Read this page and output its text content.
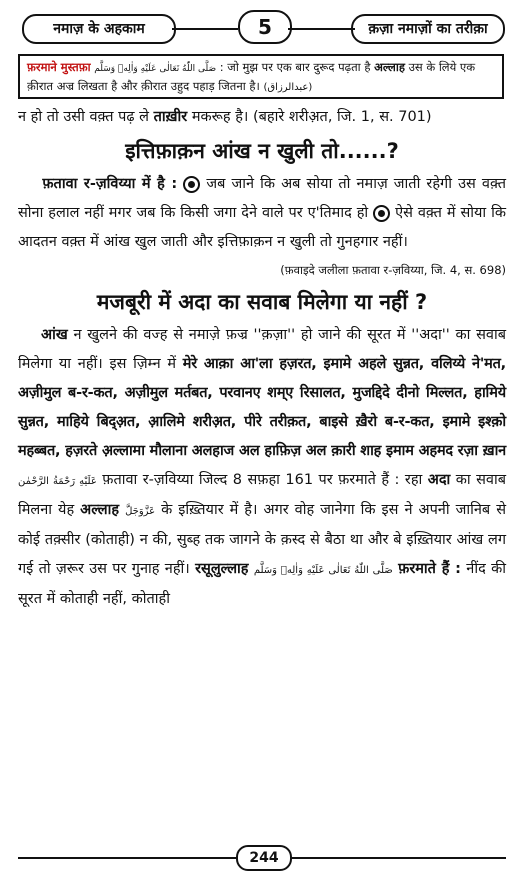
नमाज़ के अहकाम	5	क़ज़ा नमाज़ों का तरीक़ा
फ़रमाने मुस्तफ़ा صَلَّی اللّٰهُ تَعَالٰی عَلَيْهِ وَاٰلِهٖ وَسَلَّم : जो मुझ पर एक बार दुरूद पढ़ता है अल्लाह उस के लिये एक क़ीरात अज्र लिखता है और क़ीरात उहुद पहाड़ जितना है। (عبدالرزاق)

न हो तो उसी वक़्त पढ़ ले ताख़ीर मकरूह है। (बहारे शरीअ़त, जि. 1, स. 701)

इत्तिफ़ाक़न आंख न खुली तो......?

फ़तावा र-ज़विय्या में है : जब जाने कि अब सोया तो नमाज़ जाती रहेगी उस वक़्त सोना हलाल नहीं मगर जब कि किसी जगा देने वाले पर ए'तिमाद हो ऐसे वक़्त में सोया कि आदतन वक़्त में आंख खुल जाती और इत्तिफ़ाक़न न खुली तो गुनहगार नहीं।

(फ़वाइदे जलीला फ़तावा र-ज़विय्या, जि. 4, स. 698)

मजबूरी में अदा का सवाब मिलेगा या नहीं ?

आंख न खुलने की वज्ह से नमाज़े फ़ज्र ''क़ज़ा'' हो जाने की सूरत में ''अदा'' का सवाब मिलेगा या नहीं। इस ज़िम्न में मेरे आक़ा आ'ला हज़रत, इमामे अहले सुन्नत, वलिय्ये ने'मत, अज़ीमुल ब-र-कत, अज़ीमुल मर्तबत, परवानए शम्ए रिसालत, मुजद्दिदे दीनो मिल्लत, हामिये सुन्नत, माहिये बिद्अ़त, आ़लिमे शरीअ़त, पीरे तरीक़त, बाइसे ख़ैरो ब-र-कत, इमामे इश्क़ो महब्बत, हज़रते अ़ल्लामा मौलाना अलहाज अल हाफ़िज़ अल क़ारी शाह इमाम अहमद रज़ा ख़ान عَلَيْهِ رَحْمَةُ الرَّحْمٰن फ़तावा र-ज़विय्या जिल्द 8 सफ़हा 161 पर फ़रमाते हैं : रहा अदा का सवाब मिलना येह अल्लाह عَزَّوَجَلَّ के इख़्तियार में है। अगर वोह जानेगा कि इस ने अपनी जानिब से कोई तक़्सीर (कोताही) न की, सुब्ह तक जागने के क़स्द से बैठा था और बे इख़्तियार आंख लग गई तो ज़रूर उस पर गुनाह नहीं। रसूलुल्लाह صَلَّی اللّٰهُ تَعَالٰی عَلَيْهِ وَاٰلِهٖ وَسَلَّم फ़रमाते हैं : नींद की सूरत में कोताही नहीं, कोताही

244
